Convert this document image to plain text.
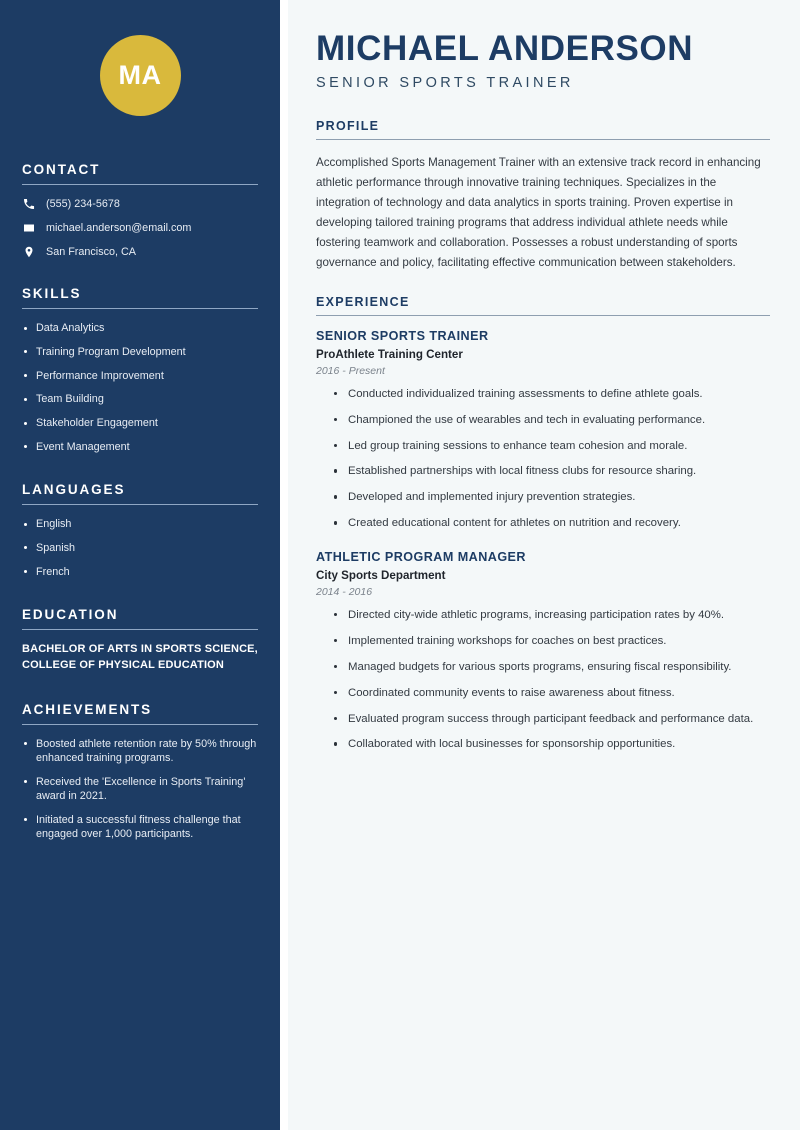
MA
CONTACT
(555) 234-5678
michael.anderson@email.com
San Francisco, CA
SKILLS
Data Analytics
Training Program Development
Performance Improvement
Team Building
Stakeholder Engagement
Event Management
LANGUAGES
English
Spanish
French
EDUCATION
BACHELOR OF ARTS IN SPORTS SCIENCE, COLLEGE OF PHYSICAL EDUCATION
ACHIEVEMENTS
Boosted athlete retention rate by 50% through enhanced training programs.
Received the 'Excellence in Sports Training' award in 2021.
Initiated a successful fitness challenge that engaged over 1,000 participants.
MICHAEL ANDERSON
SENIOR SPORTS TRAINER
PROFILE

Accomplished Sports Management Trainer with an extensive track record in enhancing athletic performance through innovative training techniques. Specializes in the integration of technology and data analytics in sports training. Proven expertise in developing tailored training programs that address individual athlete needs while fostering teamwork and collaboration. Possesses a robust understanding of sports governance and policy, facilitating effective communication between stakeholders.

EXPERIENCE
SENIOR SPORTS TRAINER
ProAthlete Training Center
2016 - Present
Conducted individualized training assessments to define athlete goals.
Championed the use of wearables and tech in evaluating performance.
Led group training sessions to enhance team cohesion and morale.
Established partnerships with local fitness clubs for resource sharing.
Developed and implemented injury prevention strategies.
Created educational content for athletes on nutrition and recovery.
ATHLETIC PROGRAM MANAGER
City Sports Department
2014 - 2016
Directed city-wide athletic programs, increasing participation rates by 40%.
Implemented training workshops for coaches on best practices.
Managed budgets for various sports programs, ensuring fiscal responsibility.
Coordinated community events to raise awareness about fitness.
Evaluated program success through participant feedback and performance data.
Collaborated with local businesses for sponsorship opportunities.
